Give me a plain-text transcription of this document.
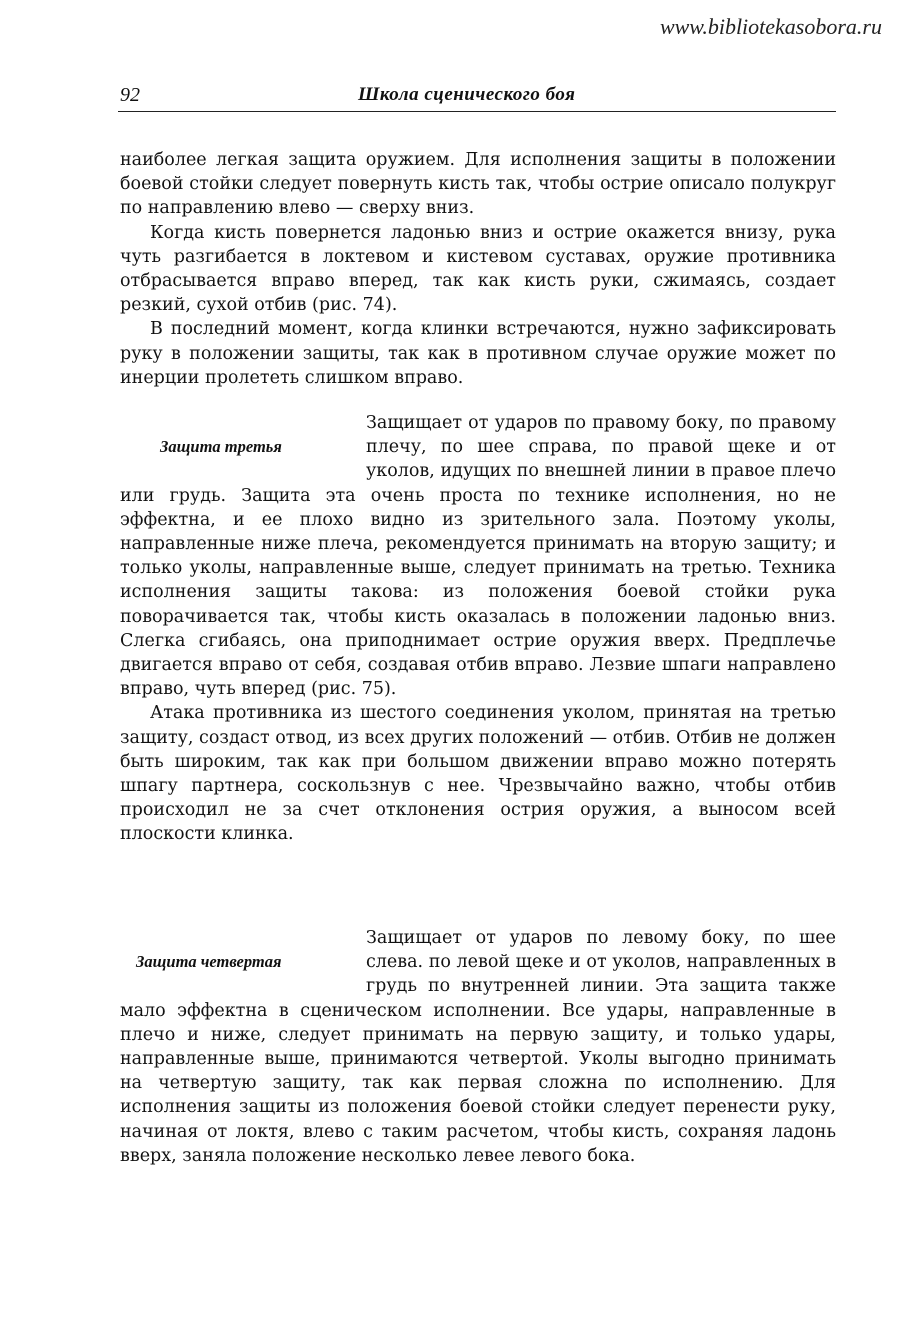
www.bibliotekasobora.ru
92	Школа сценического боя

наиболее легкая защита оружием. Для исполнения защиты в положении боевой стойки следует повернуть кисть так, чтобы острие описало полукруг по направлению влево — сверху вниз.

Когда кисть повернется ладонью вниз и острие окажется внизу, рука чуть разгибается в локтевом и кистевом суставах, оружие противника отбрасывается вправо вперед, так как кисть руки, сжимаясь, создает резкий, сухой отбив (рис. 74).

В последний момент, когда клинки встречаются, нужно зафиксировать руку в положении защиты, так как в противном случае оружие может по инерции пролететь слишком вправо.

Защита третья

Защищает от ударов по правому боку, по правому плечу, по шее справа, по правой щеке и от уколов, идущих по внешней линии в правое плечо или грудь. Защита эта очень проста по технике исполнения, но не эффектна, и ее плохо видно из зрительного зала. Поэтому уколы, направленные ниже плеча, рекомендуется принимать на вторую защиту; и только уколы, направленные выше, следует принимать на третью. Техника исполнения защиты такова: из положения боевой стойки рука поворачивается так, чтобы кисть оказалась в положении ладонью вниз. Слегка сгибаясь, она приподнимает острие оружия вверх. Предплечье двигается вправо от себя, создавая отбив вправо. Лезвие шпаги направлено вправо, чуть вперед (рис. 75).

Атака противника из шестого соединения уколом, принятая на третью защиту, создаст отвод, из всех других положений — отбив. Отбив не должен быть широким, так как при большом движении вправо можно потерять шпагу партнера, соскользнув с нее. Чрезвычайно важно, чтобы отбив происходил не за счет отклонения острия оружия, а выносом всей плоскости клинка.

Защита четвертая

Защищает от ударов по левому боку, по шее слева. по левой щеке и от уколов, направленных в грудь по внутренней линии. Эта защита также мало эффектна в сценическом исполнении. Все удары, направленные в плечо и ниже, следует принимать на первую защиту, и только удары, направленные выше, принимаются четвертой. Уколы выгодно принимать на четвертую защиту, так как первая сложна по исполнению. Для исполнения защиты из положения боевой стойки следует перенести руку, начиная от локтя, влево с таким расчетом, чтобы кисть, сохраняя ладонь вверх, заняла положение несколько левее левого бока.
